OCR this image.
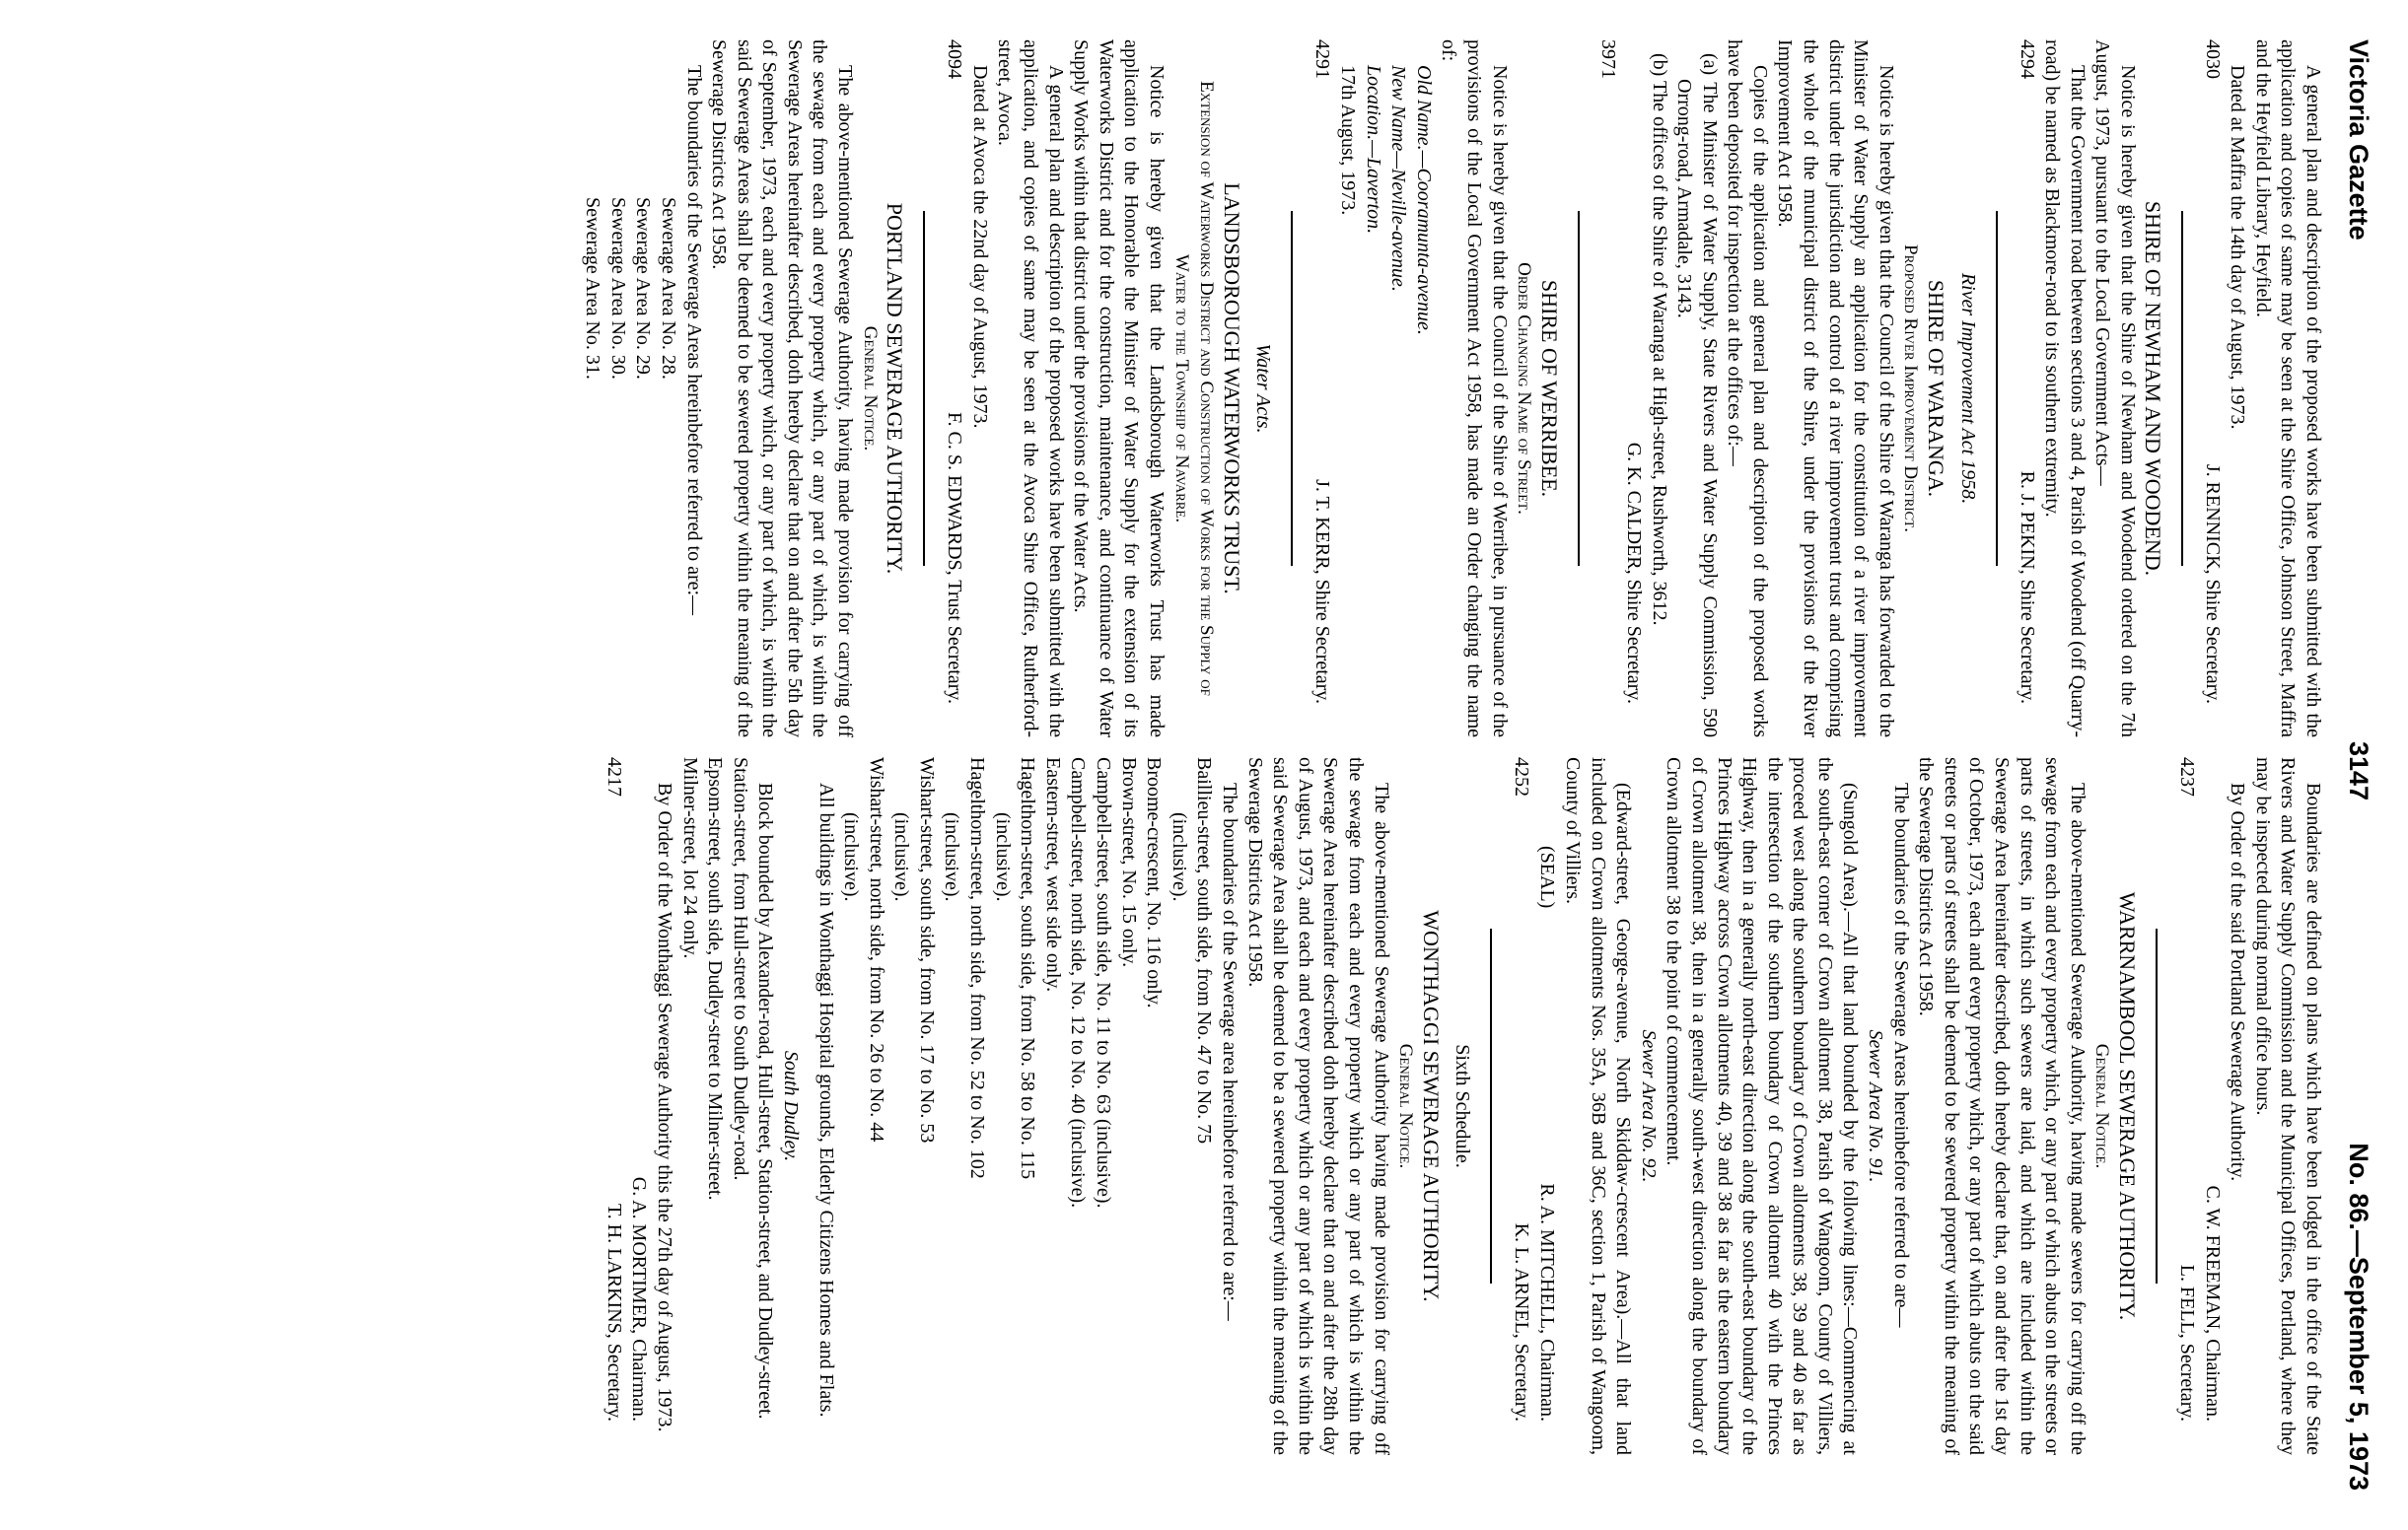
Victoria Gazette
3147
No. 86.—September 5, 1973

A general plan and description of the proposed works have been submitted with the application and copies of same may be seen at the Shire Office, Johnson Street, Maffra and the Heyfield Library, Heyfield.

Dated at Maffra the 14th day of August, 1973.

4030
J. RENNICK, Shire Secretary.

SHIRE OF NEWHAM AND WOODEND.

Notice is hereby given that the Shire of Newham and Woodend ordered on the 7th August, 1973, pursuant to the Local Government Acts—

That the Government road between sections 3 and 4, Parish of Woodend (off Quarry-road) be named as Blackmore-road to its southern extremity.

4294
R. J. PEKIN, Shire Secretary.

River Improvement Act 1958.

SHIRE OF WARANGA.

Proposed River Improvement District.

Notice is hereby given that the Council of the Shire of Waranga has forwarded to the Minister of Water Supply an application for the constitution of a river improvement district under the jurisdiction and control of a river improvement trust and comprising the whole of the municipal district of the Shire, under the provisions of the River Improvement Act 1958.

Copies of the application and general plan and description of the proposed works have been deposited for inspection at the offices of:—

(a) The Minister of Water Supply, State Rivers and Water Supply Commission, 590 Orrong-road, Armadale, 3143.

(b) The offices of the Shire of Waranga at High-street, Rushworth, 3612.

G. K. CALDER, Shire Secretary.

3971

SHIRE OF WERRIBEE.

Order Changing Name of Street.

Notice is hereby given that the Council of the Shire of Werribee, in pursuance of the provisions of the Local Government Act 1958, has made an Order changing the name of:

Old Name.—Cooramunta-avenue.

New Name—Neville-avenue.

Location.—Laverton.

17th August, 1973.

4291
J. T. KERR, Shire Secretary.

Water Acts.

LANDSBOROUGH WATERWORKS TRUST.

Extension of Waterworks District and Construction of Works for the Supply of Water to the Township of Navarre.

Notice is hereby given that the Landsborough Waterworks Trust has made application to the Honorable the Minister of Water Supply for the extension of its Waterworks District and for the construction, maintenance, and continuance of Water Supply Works within that district under the provisions of the Water Acts.

A general plan and description of the proposed works have been submitted with the application, and copies of same may be seen at the Avoca Shire Office, Rutherford-street, Avoca.

Dated at Avoca the 22nd day of August, 1973.

4094
F. C. S. EDWARDS, Trust Secretary.

PORTLAND SEWERAGE AUTHORITY.

General Notice.

The above-mentioned Sewerage Authority, having made provision for carrying off the sewage from each and every property which, or any part of which, is within the Sewerage Areas hereinafter described, doth hereby declare that on and after the 5th day of September, 1973, each and every property which, or any part of which, is within the said Sewerage Areas shall be deemed to be sewered property within the meaning of the Sewerage Districts Act 1958.

The boundaries of the Sewerage Areas hereinbefore referred to are:—

Sewerage Area No. 28.

Sewerage Area No. 29.

Sewerage Area No. 30.

Sewerage Area No. 31.

Boundaries are defined on plans which have been lodged in the office of the State Rivers and Water Supply Commission and the Municipal Offices, Portland, where they may be inspected during normal office hours.

By Order of the said Portland Sewerage Authority.

C. W. FREEMAN, Chairman.

4237
L. FELL, Secretary.

WARRNAMBOOL SEWERAGE AUTHORITY.

General Notice.

The above-mentioned Sewerage Authority, having made sewers for carrying off the sewage from each and every property which, or any part of which abuts on the streets or parts of streets, in which such sewers are laid, and which are included within the Sewerage Area hereinafter described, doth hereby declare that, on and after the 1st day of October, 1973, each and every property which, or any part of which abuts on the said streets or parts of streets shall be deemed to be sewered property within the meaning of the Sewerage Districts Act 1958.

The boundaries of the Sewerage Areas hereinbefore referred to are—

Sewer Area No. 91.

(Sungold Area).—All that land bounded by the following lines:—Commencing at the south-east corner of Crown allotment 38, Parish of Wangoom, County of Villiers, proceed west along the southern boundary of Crown allotments 38, 39 and 40 as far as the intersection of the southern boundary of Crown allotment 40 with the Princes Highway, then in a generally north-east direction along the south-east boundary of the Princes Highway across Crown allotments 40, 39 and 38 as far as the eastern boundary of Crown allotment 38, then in a generally south-west direction along the boundary of Crown allotment 38 to the point of commencement.

Sewer Area No. 92.

(Edward-street, George-avenue, North Skiddaw-crescent Area).—All that land included on Crown allotments Nos. 35A, 36B and 36C, section 1, Parish of Wangoom, County of Villiers.

(SEAL)
R. A. MITCHELL, Chairman.
4252
K. L. ARNEL, Secretary.

Sixth Schedule.

WONTHAGGI SEWERAGE AUTHORITY.

General Notice.

The above-mentioned Sewerage Authority having made provision for carrying off the sewage from each and every property which or any part of which is within the Sewerage Area hereinafter described doth hereby declare that on and after the 28th day of August, 1973, and each and every property which or any part of which is within the said Sewerage Area shall be deemed to be a sewered property within the meaning of the Sewerage Districts Act 1958.

The boundaries of the Sewerage area hereinbefore referred to are:—

Baillieu-street, south side, from No. 47 to No. 75

(inclusive).

Broome-crescent, No. 116 only.

Brown-street, No. 15 only.

Campbell-street, south side, No. 11 to No. 63 (inclusive).

Campbell-street, north side, No. 12 to No. 40 (inclusive).

Eastern-street, west side only.

Hagelthorn-street, south side, from No. 58 to No. 115

(inclusive).

Hagelthorn-street, north side, from No. 52 to No. 102

(inclusive).

Wishart-street, south side, from No. 17 to No. 53

(inclusive).

Wishart-street, north side, from No. 26 to No. 44

(inclusive).

All buildings in Wonthaggi Hospital grounds, Elderly Citizens Homes and Flats.

South Dudley.

Block bounded by Alexander-road, Hull-street, Station-street, and Dudley-street.

Station-street, from Hull-street to South Dudley-road.

Epsom-street, south side, Dudley-street to Milner-street.

Milner-street, lot 24 only.

By Order of the Wonthaggi Sewerage Authority this the 27th day of August, 1973.

G. A. MORTIMER, Chairman.

4217
T. H. LARKINS, Secretary.
